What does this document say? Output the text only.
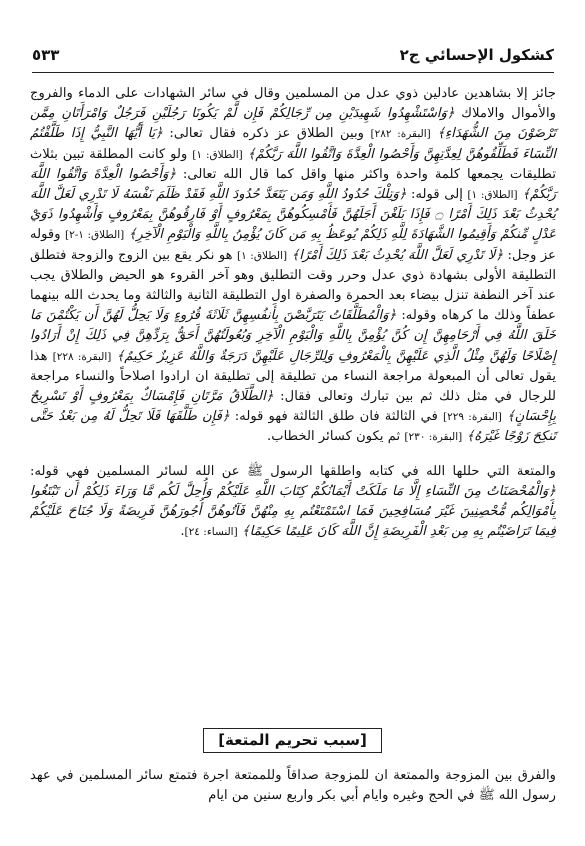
كشكول الإحسائي ج٢
٥٣٣

جائز إلا بشاهدين عادلين ذوي عدل من المسلمين وقال في سائر الشهادات على الدماء والفروج والأموال والاملاك ﴿وَاسْتَشْهِدُوا شَهِيدَيْنِ مِن رِّجَالِكُمْ فَإِن لَّمْ يَكُونَا رَجُلَيْنِ فَرَجُلٌ وَامْرَأَتَانِ مِمَّن تَرْضَوْنَ مِنَ الشُّهَدَاءِ﴾ [البقرة: ٢٨٢] وبين الطلاق عز ذكره فقال تعالى: ﴿يَا أَيُّهَا النَّبِيُّ إِذَا طَلَّقْتُمُ النِّسَاءَ فَطَلِّقُوهُنَّ لِعِدَّتِهِنَّ وَأَحْصُوا الْعِدَّةَ وَاتَّقُوا اللَّهَ رَبَّكُمْ﴾ [الطلاق: ١] ولو كانت المطلقة تبين بثلاث تطليقات يجمعها كلمة واحدة واكثر منها واقل كما قال الله تعالى: ﴿وَأَحْصُوا الْعِدَّةَ وَاتَّقُوا اللَّهَ رَبَّكُمْ﴾ [الطلاق: ١] إلى قوله: ﴿وَتِلْكَ حُدُودُ اللَّهِ وَمَن يَتَعَدَّ حُدُودَ اللَّهِ فَقَدْ ظَلَمَ نَفْسَهُ لَا تَدْرِي لَعَلَّ اللَّهَ يُحْدِثُ بَعْدَ ذَلِكَ أَمْرًا ۝ فَإِذَا بَلَغْنَ أَجَلَهُنَّ فَأَمْسِكُوهُنَّ بِمَعْرُوفٍ أَوْ فَارِقُوهُنَّ بِمَعْرُوفٍ وَأَشْهِدُوا ذَوَيْ عَدْلٍ مِّنكُمْ وَأَقِيمُوا الشَّهَادَةَ لِلَّهِ ذَلِكُمْ يُوعَظُ بِهِ مَن كَانَ يُؤْمِنُ بِاللَّهِ وَالْيَوْمِ الْآخِرِ﴾ [الطلاق: ١-٢] وقوله عز وجل: ﴿لَا تَدْرِي لَعَلَّ اللَّهَ يُحْدِثُ بَعْدَ ذَلِكَ أَمْرًا﴾ [الطلاق: ١] هو نكر يقع بين الزوج والزوجة فتطلق التطليقة الأولى بشهادة ذوي عدل وحرر وقت التطليق وهو آخر القروء هو الحيض والطلاق يجب عند آخر النطفة تنزل بيضاء بعد الحمرة والصفرة اول التطليقة الثانية والثالثة وما يحدث الله بينهما عطفاً وذلك ما كرهاه وقوله: ﴿وَالْمُطَلَّقَاتُ يَتَرَبَّصْنَ بِأَنفُسِهِنَّ ثَلَاثَةَ قُرُوءٍ وَلَا يَحِلُّ لَهُنَّ أَن يَكْتُمْنَ مَا خَلَقَ اللَّهُ فِي أَرْحَامِهِنَّ إِن كُنَّ يُؤْمِنَّ بِاللَّهِ وَالْيَوْمِ الْآخِرِ وَبُعُولَتُهُنَّ أَحَقُّ بِرَدِّهِنَّ فِي ذَلِكَ إِنْ أَرَادُوا إِصْلَاحًا وَلَهُنَّ مِثْلُ الَّذِي عَلَيْهِنَّ بِالْمَعْرُوفِ وَلِلرِّجَالِ عَلَيْهِنَّ دَرَجَةٌ وَاللَّهُ عَزِيزٌ حَكِيمٌ﴾ [البقرة: ٢٢٨] هذا يقول تعالى أن المبعولة مراجعة النساء من تطليقة إلى تطليقة ان ارادوا اصلاحاً والنساء مراجعة للرجال في مثل ذلك ثم بين تبارك وتعالى فقال: ﴿الطَّلَاقُ مَرَّتَانِ فَإِمْسَاكٌ بِمَعْرُوفٍ أَوْ تَسْرِيحٌ بِإِحْسَانٍ﴾ [البقرة: ٢٢٩] في الثالثة فان طلق الثالثة فهو قوله: ﴿فَإِن طَلَّقَهَا فَلَا تَحِلُّ لَهُ مِن بَعْدُ حَتَّى تَنكِحَ زَوْجًا غَيْرَهُ﴾ [البقرة: ٢٣٠] ثم يكون كسائر الخطاب.

والمتعة التي حللها الله في كتابه واطلقها الرسول ﷺ عن الله لسائر المسلمين فهي قوله: ﴿وَالْمُحْصَنَاتُ مِنَ النِّسَاءِ إِلَّا مَا مَلَكَتْ أَيْمَانُكُمْ كِتَابَ اللَّهِ عَلَيْكُمْ وَأُحِلَّ لَكُم مَّا وَرَاءَ ذَلِكُمْ أَن تَبْتَغُوا بِأَمْوَالِكُم مُّحْصِنِينَ غَيْرَ مُسَافِحِينَ فَمَا اسْتَمْتَعْتُم بِهِ مِنْهُنَّ فَآتُوهُنَّ أُجُورَهُنَّ فَرِيضَةً وَلَا جُنَاحَ عَلَيْكُمْ فِيمَا تَرَاضَيْتُم بِهِ مِن بَعْدِ الْفَرِيضَةِ إِنَّ اللَّهَ كَانَ عَلِيمًا حَكِيمًا﴾ [النساء: ٢٤].

[سبب تحريم المتعة]

والفرق بين المزوجة والممتعة ان للمزوجة صداقاً وللممتعة اجرة فتمتع سائر المسلمين في عهد رسول الله ﷺ في الحج وغيره وايام أبي بكر واربع سنين من ايام
